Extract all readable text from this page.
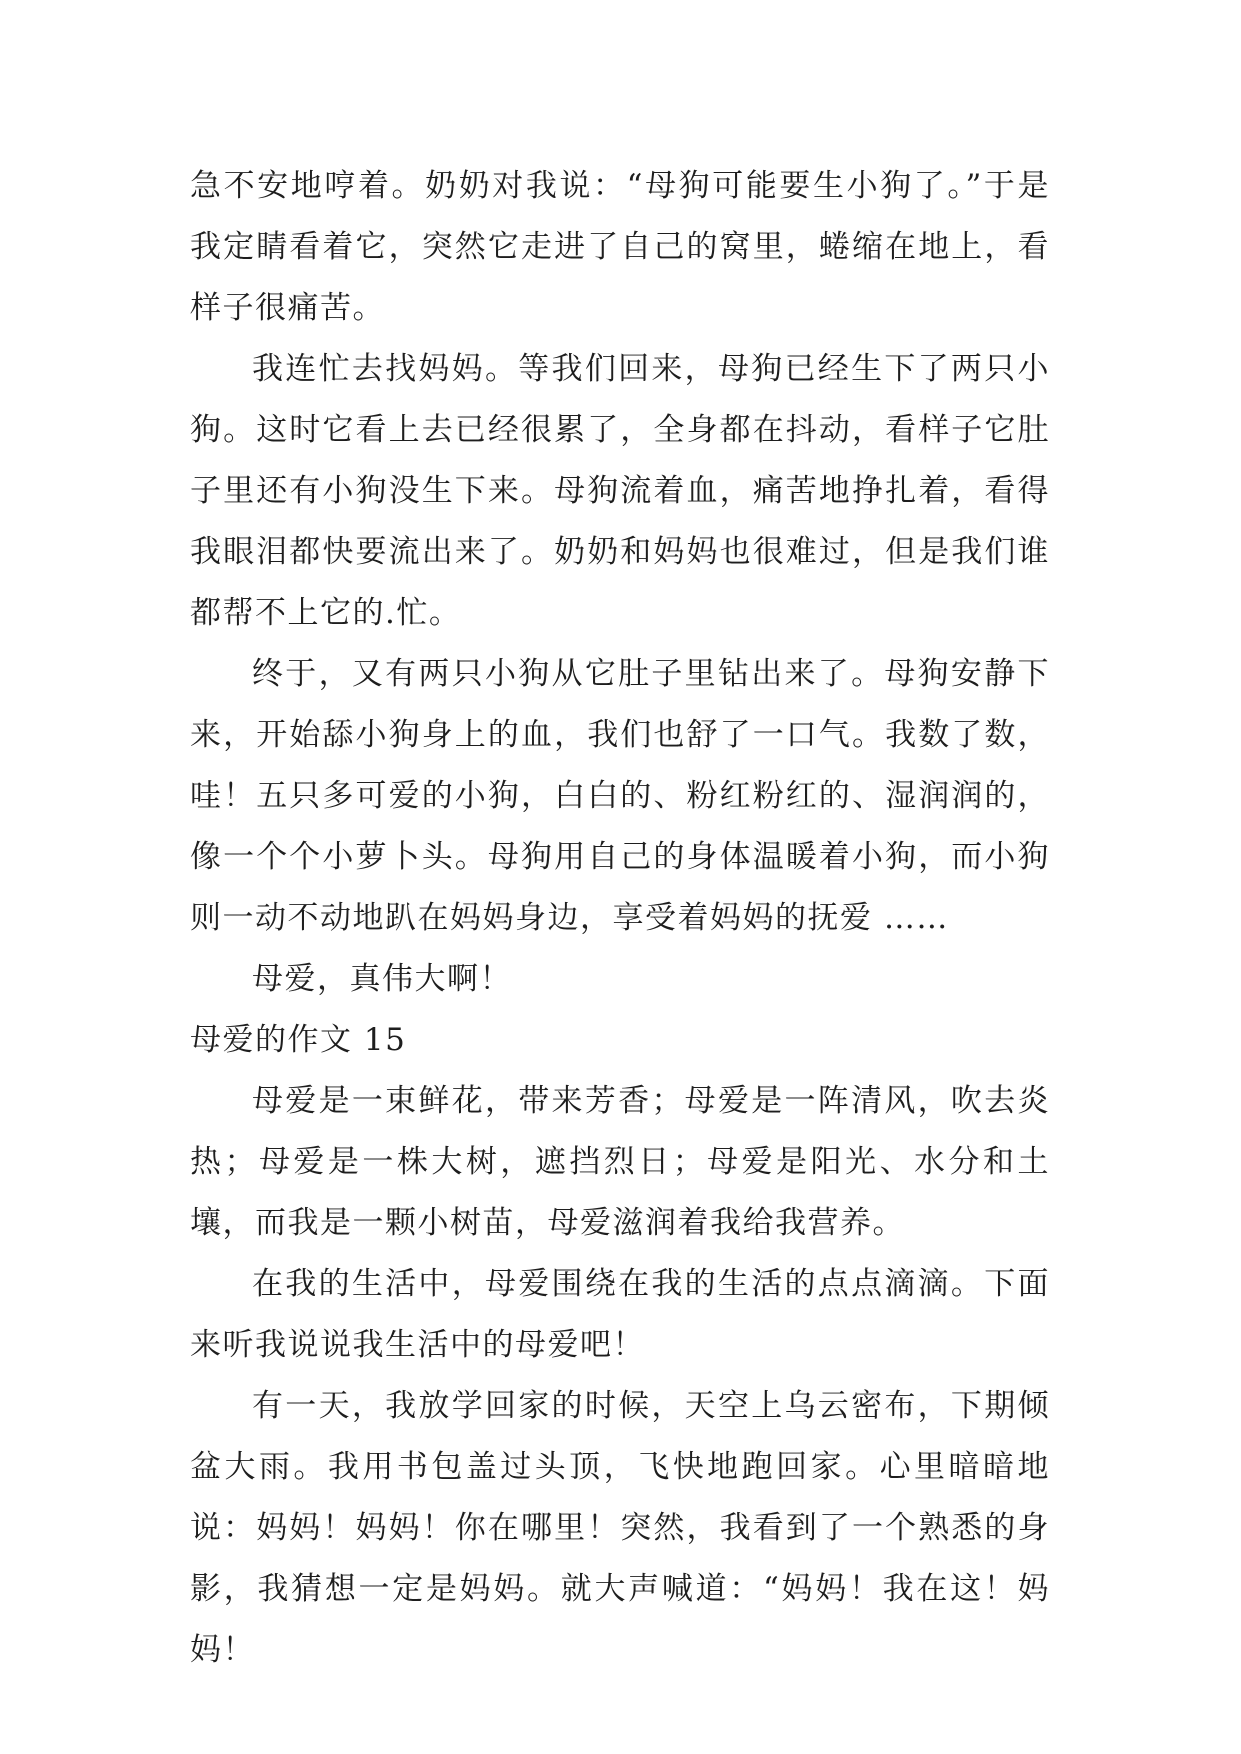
急不安地哼着。奶奶对我说：“母狗可能要生小狗了。”于是我定睛看着它，突然它走进了自己的窝里，蜷缩在地上，看样子很痛苦。

我连忙去找妈妈。等我们回来，母狗已经生下了两只小狗。这时它看上去已经很累了，全身都在抖动，看样子它肚子里还有小狗没生下来。母狗流着血，痛苦地挣扎着，看得我眼泪都快要流出来了。奶奶和妈妈也很难过，但是我们谁都帮不上它的.忙。

终于，又有两只小狗从它肚子里钻出来了。母狗安静下来，开始舔小狗身上的血，我们也舒了一口气。我数了数，哇！五只多可爱的小狗，白白的、粉红粉红的、湿润润的，像一个个小萝卜头。母狗用自己的身体温暖着小狗，而小狗则一动不动地趴在妈妈身边，享受着妈妈的抚爱 ……

母爱，真伟大啊！

母爱的作文 15

母爱是一束鲜花，带来芳香；母爱是一阵清风，吹去炎热；母爱是一株大树，遮挡烈日；母爱是阳光、水分和土壤，而我是一颗小树苗，母爱滋润着我给我营养。

在我的生活中，母爱围绕在我的生活的点点滴滴。下面来听我说说我生活中的母爱吧！

有一天，我放学回家的时候，天空上乌云密布，下期倾盆大雨。我用书包盖过头顶，飞快地跑回家。心里暗暗地说：妈妈！妈妈！你在哪里！突然，我看到了一个熟悉的身影，我猜想一定是妈妈。就大声喊道：“妈妈！我在这！妈妈！
